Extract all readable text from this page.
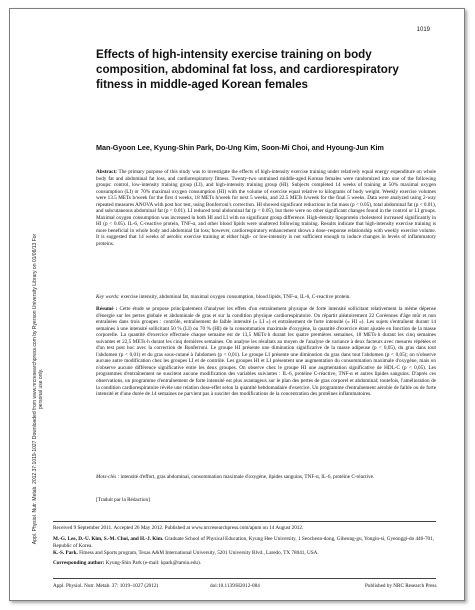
1019
Effects of high-intensity exercise training on body composition, abdominal fat loss, and cardiorespiratory fitness in middle-aged Korean females
Man-Gyoon Lee, Kyung-Shin Park, Do-Ung Kim, Soon-Mi Choi, and Hyoung-Jun Kim
Abstract: The primary purpose of this study was to investigate the effects of high-intensity exercise training under relatively equal energy expenditure on whole body fat and abdominal fat loss, and cardiorespiratory fitness. Twenty-two untrained middle-aged Korean females were randomized into one of the following groups: control, low-intensity training group (LI), and high-intensity training group (HI). Subjects completed 14 weeks of training at 50% maximal oxygen consumption (LI) or 70% maximal oxygen consumption (HI) with the volume of exercise equal relative to kilograms of body weight. Weekly exercise volumes were 13.5 METs h/week for the first 4 weeks, 18 METs h/week for next 5 weeks, and 22.5 METs h/week for the final 5 weeks. Data were analyzed using 2-way repeated measures ANOVA with post hoc test, using Bonferroni's correction. HI showed significant reductions in fat mass (p < 0.05), total abdominal fat (p < 0.01), and subcutaneous abdominal fat (p < 0.01). LI reduced total abdominal fat (p < 0.05), but there were no other significant changes found in the control or LI groups. Maximal oxygen consumption was increased in both HI and LI with no significant group difference. High-density lipoprotein cholesterol increased significantly in HI (p < 0.05). IL-6, C-reactive protein, TNF-α, and other blood lipids were unaltered following training. Results indicate that high-intensity exercise training is more beneficial in whole body and abdominal fat loss; however, cardiorespiratory enhancement shows a dose–response relationship with weekly exercise volume. It is suggested that 14 weeks of aerobic exercise training at either high- or low-intensity is not sufficient enough to induce changes in levels of inflammatory proteins.
Key words: exercise intensity, abdominal fat, maximal oxygen consumption, blood lipids, TNF-α, IL-6, C-reactive protein.
Résumé : Cette étude se propose principalement d'analyser les effets d'un entraînement physique de forte intensité sollicitant relativement la même dépense d'énergie sur les pertes globale et abdominale de gras et sur la condition physique cardiorespiratoire. On répartit aléatoirement 22 Coréennes d'âge mûr et non entraînées dans trois groupes : contrôle, entraînement de faible intensité (« LI ») et entraînement de forte intensité (« HI »). Les sujets s'entraînent durant 14 semaines à une intensité sollicitant 50 % (LI) ou 70 % (HI) de la consommation maximale d'oxygène, la quantité d'exercice étant ajustée en fonction de la masse corporelle. La quantité d'exercice effectuée chaque semaine est de 13,5 METs·h durant les quatre premières semaines, 18 METs·h durant les cinq semaines suivantes et 22,5 METs·h durant les cinq dernières semaines. On analyse les résultats au moyen de l'analyse de variance à deux facteurs avec mesures répétées et d'un test post hoc avec la correction de Bonferroni. Le groupe HI présente une diminution significative de la masse adipeuse (p < 0,05), du gras dans tout l'abdomen (p < 0,01) et du gras sous-cutané à l'abdomen (p < 0,01). Le groupe LI présente une diminution du gras dans tout l'abdomen (p < 0,05); on n'observe aucune autre modification chez les groupes LI et de contrôle. Les groupes HI et LI présentent une augmentation du consommation maximale d'oxygène, mais on n'observe aucune différence significative entre les deux groupes. On observe chez le groupe HI une augmentation significative de HDL-C (p < 0,05). Les programmes d'entraînement ne suscitent aucune modification des variables suivantes : IL-6, protéine C-réactive, TNF-α et autres lipides sanguins. D'après ces observations, un programme d'entraînement de forte intensité est plus avantageux sur le plan des pertes de gras corporel et abdominal; toutefois, l'amélioration de la condition cardiorespiratoire révèle une relation dose-effet selon la quantité hebdomadaire d'exercice. Un programme d'entraînement aérobie de faible ou de forte intensité et d'une durée de 14 semaines ne parvient pas à susciter des modifications de la concentration des protéines inflammatoires.
Mots-clés : intensité d'effort, gras abdominal, consommation maximale d'oxygène, lipides sanguins, TNF-α, IL-6, protéine C-réactive.
[Traduit par la Rédaction]
Received 9 September 2011. Accepted 26 May 2012. Published at www.nrcresearchpress.com/apnm on 14 August 2012.
M.-G. Lee, D.-U. Kim, S.-M. Choi, and H.-J. Kim. Graduate School of Physical Education, Kyung Hee University, 1 Seocheon-dong, Giheung-gu, Yongin-si, Gyeonggi-do 446-701, Republic of Korea.
K.-S. Park. Fitness and Sports program, Texas A&M International University, 5201 University Blvd., Laredo, TX 78041, USA.
Corresponding author: Kyung-Shin Park (e-mail: kpark@tamiu.edu).
Appl. Physiol. Nutr. Metab. 37: 1019–1027 (2012)	doi:10.1139/H2012-084	Published by NRC Research Press
Appl. Physiol. Nutr. Metab. 2012.37:1019-1027 Downloaded from www.nrcresearchpress.com by Ryerson University Library on 01/08/13 For personal use only.
